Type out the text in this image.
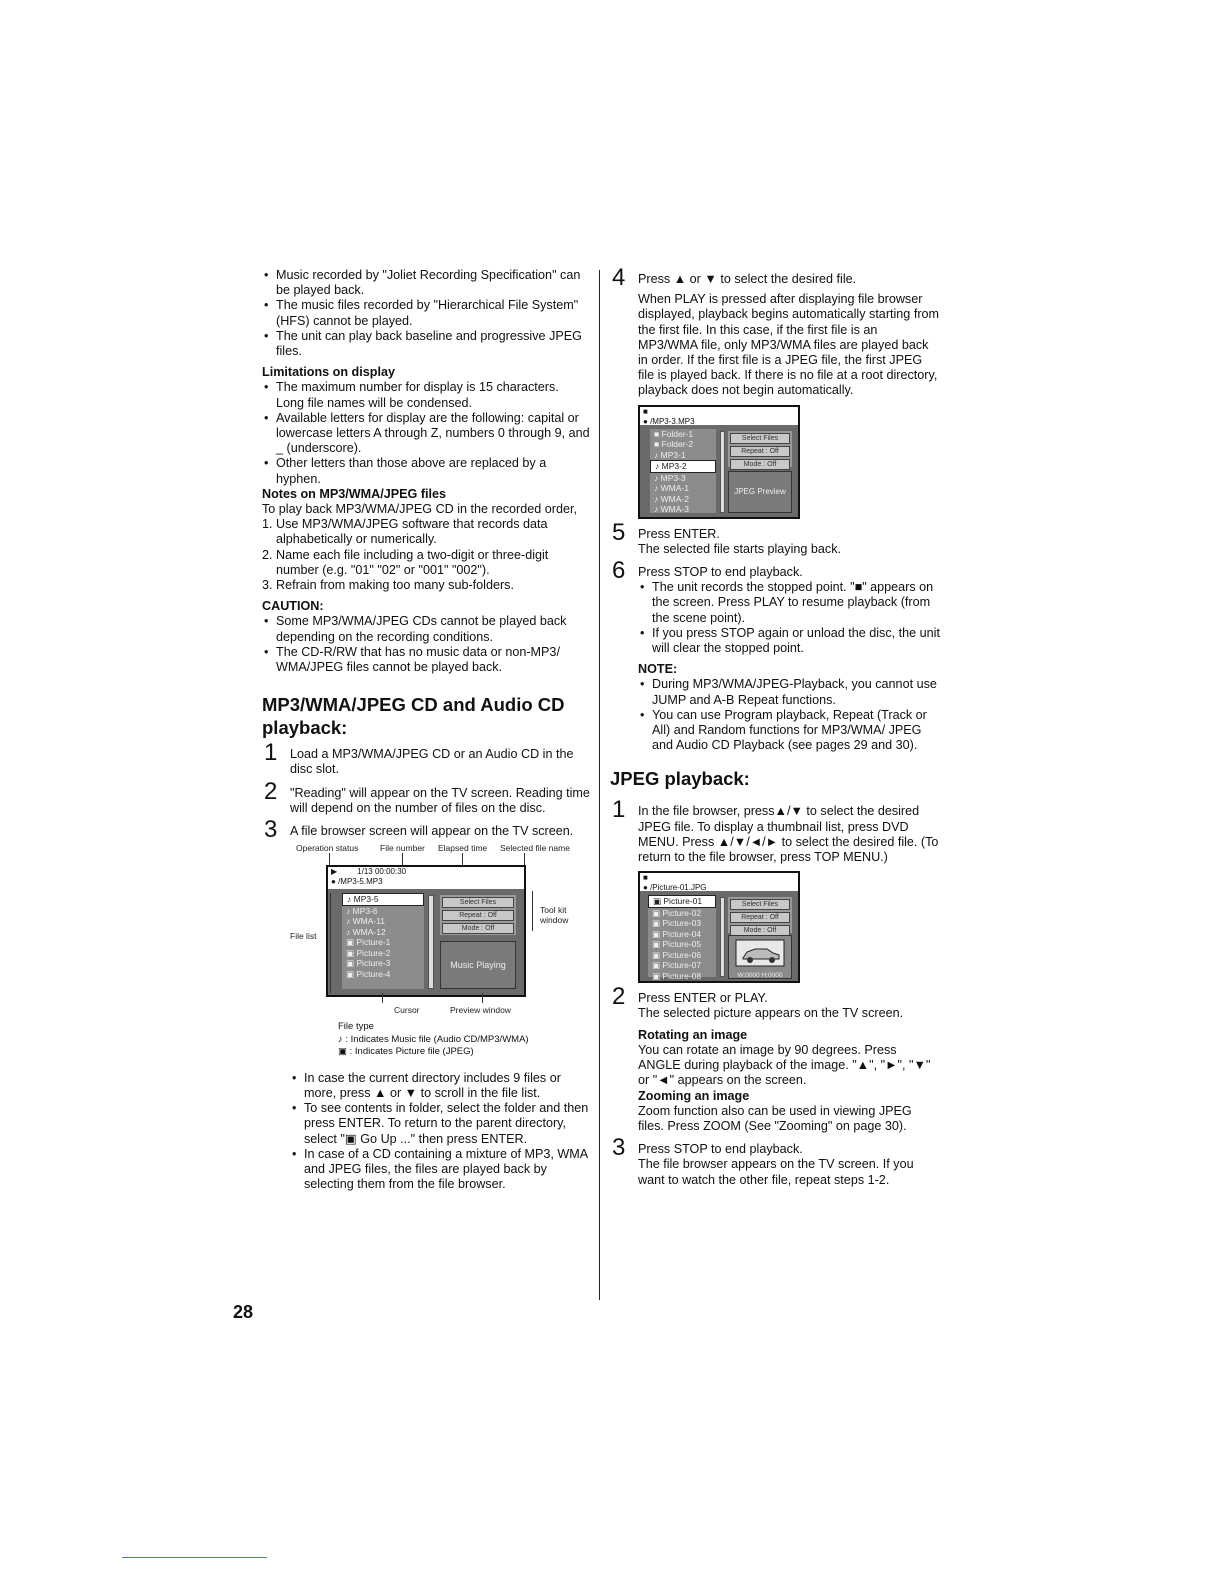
• Music recorded by "Joliet Recording Specification" can be played back.
• The music files recorded by "Hierarchical File System" (HFS) cannot be played.
• The unit can play back baseline and progressive JPEG files.

Limitations on display

• The maximum number for display is 15 characters. Long file names will be condensed.
• Available letters for display are the following: capital or lowercase letters A through Z, numbers 0 through 9, and _ (underscore).
• Other letters than those above are replaced by a hyphen.

Notes on MP3/WMA/JPEG files

To play back MP3/WMA/JPEG CD in the recorded order,

1. Use MP3/WMA/JPEG software that records data alphabetically or numerically.
2. Name each file including a two-digit or three-digit number (e.g. "01" "02" or "001" "002").
3. Refrain from making too many sub-folders.

CAUTION:

• Some MP3/WMA/JPEG CDs cannot be played back depending on the recording conditions.
• The CD-R/RW that has no music data or non-MP3/ WMA/JPEG files cannot be played back.

MP3/WMA/JPEG CD and Audio CD playback:

1 Load a MP3/WMA/JPEG CD or an Audio CD in the disc slot.

2 "Reading" will appear on the TV screen. Reading time will depend on the number of files on the disc.

3 A file browser screen will appear on the TV screen.

Operation status	File number Elapsed time Selected file name
▶         1/13 00:00:30
● /MP3-5.MP3
♪ MP3-5
♪ MP3-6
♪ WMA-11
♪ WMA-12
▣ Picture-1
▣ Picture-2
▣ Picture-3
▣ Picture-4
Select Files
Repeat : Off
Mode : Off
Music Playing
File list
Tool kit window
Cursor	Preview window
File type
♪ : Indicates Music file (Audio CD/MP3/WMA)
▣ : Indicates Picture file (JPEG)
• In case the current directory includes 9 files or more, press ▲ or ▼ to scroll in the file list.
• To see contents in folder, select the folder and then press ENTER. To return to the parent directory, select "▣ Go Up ..." then press ENTER.
• In case of a CD containing a mixture of MP3, WMA and JPEG files, the files are played back by selecting them from the file browser.
4 Press ▲ or ▼ to select the desired file.

When PLAY is pressed after displaying file browser displayed, playback begins automatically starting from the first file. In this case, if the first file is an MP3/WMA file, only MP3/WMA files are played back in order. If the first file is a JPEG file, the first JPEG file is played back. If there is no file at a root directory, playback does not begin automatically.

■
● /MP3-3.MP3
■ Folder-1
■ Folder-2
♪ MP3-1
♪ MP3-2
♪ MP3-3
♪ WMA-1
♪ WMA-2
♪ WMA-3
Select Files
Repeat : Off
Mode : Off
JPEG Preview
5 Press ENTER.

The selected file starts playing back.

6 Press STOP to end playback.

• The unit records the stopped point. "■" appears on the screen. Press PLAY to resume playback (from the scene point).
• If you press STOP again or unload the disc, the unit will clear the stopped point.

NOTE:

• During MP3/WMA/JPEG-Playback, you cannot use JUMP and A-B Repeat functions.
• You can use Program playback, Repeat (Track or All) and Random functions for MP3/WMA/ JPEG and Audio CD Playback (see pages 29 and 30).

JPEG playback:

1 In the file browser, press▲/▼ to select the desired JPEG file. To display a thumbnail list, press DVD MENU. Press ▲/▼/◄/► to select the desired file. (To return to the file browser, press TOP MENU.)

■
● /Picture-01.JPG
▣ Picture-01
▣ Picture-02
▣ Picture-03
▣ Picture-04
▣ Picture-05
▣ Picture-06
▣ Picture-07
▣ Picture-08
Select Files
Repeat : Off
Mode : Off
W:0000 H:0000
2 Press ENTER or PLAY.

The selected picture appears on the TV screen.

Rotating an image

You can rotate an image by 90 degrees. Press ANGLE during playback of the image. "▲", "►", "▼" or "◄" appears on the screen.

Zooming an image

Zoom function also can be used in viewing JPEG files. Press ZOOM (See "Zooming" on page 30).

3 Press STOP to end playback.

The file browser appears on the TV screen. If you want to watch the other file, repeat steps 1-2.

28
